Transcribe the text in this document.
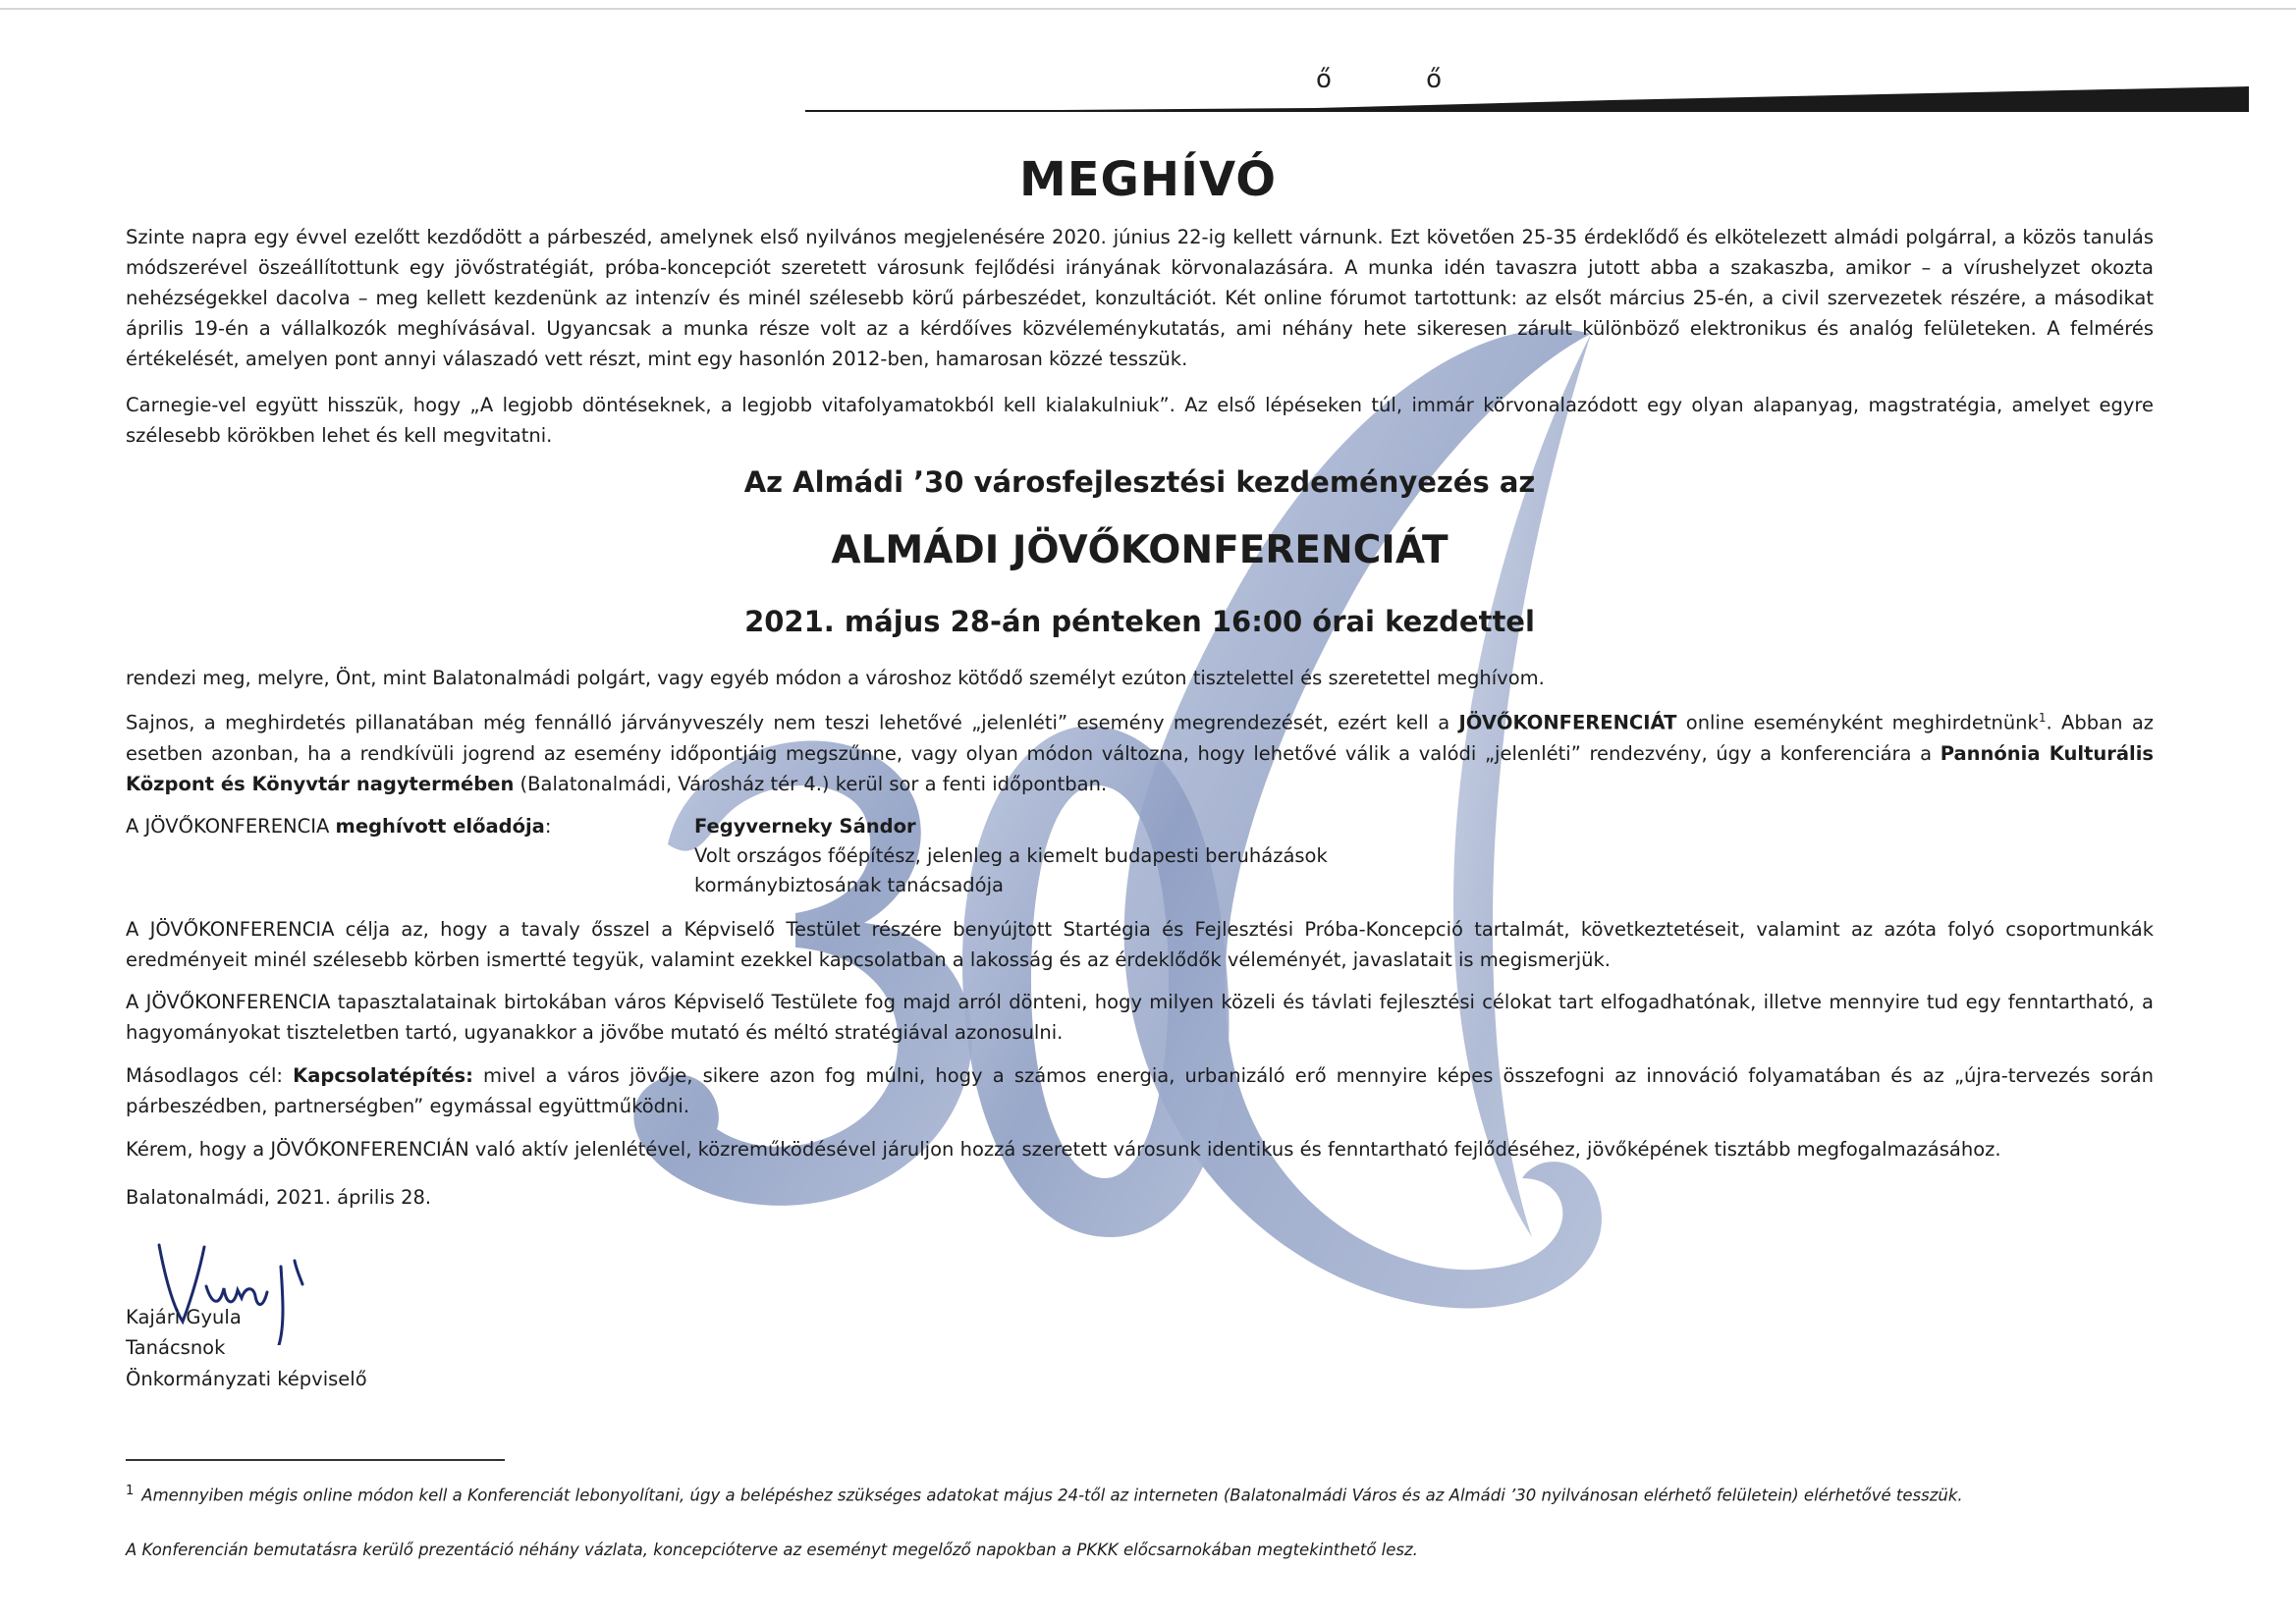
ő ő
MEGHÍVÓ
Szinte napra egy évvel ezelőtt kezdődött a párbeszéd, amelynek első nyilvános megjelenésére 2020. június 22-ig kellett várnunk. Ezt követően 25-35 érdeklődő és elkötelezett almádi polgárral, a közös tanulás módszerével öszeállítottunk egy jövőstratégiát, próba-koncepciót szeretett városunk fejlődési irányának körvonalazására. A munka idén tavaszra jutott abba a szakaszba, amikor – a vírushelyzet okozta nehézségekkel dacolva – meg kellett kezdenünk az intenzív és minél szélesebb körű párbeszédet, konzultációt. Két online fórumot tartottunk: az elsőt március 25-én, a civil szervezetek részére, a másodikat április 19-én a vállalkozók meghívásával. Ugyancsak a munka része volt az a kérdőíves közvéleménykutatás, ami néhány hete sikeresen zárult különböző elektronikus és analóg felületeken. A felmérés értékelését, amelyen pont annyi válaszadó vett részt, mint egy hasonlón 2012-ben, hamarosan közzé tesszük.
Carnegie-vel együtt hisszük, hogy „A legjobb döntéseknek, a legjobb vitafolyamatokból kell kialakulniuk”. Az első lépéseken túl, immár körvonalazódott egy olyan alapanyag, magstratégia, amelyet egyre szélesebb körökben lehet és kell megvitatni.
Az Almádi ’30 városfejlesztési kezdeményezés az
ALMÁDI JÖVŐKONFERENCIÁT
2021. május 28-án pénteken 16:00 órai kezdettel
rendezi meg, melyre, Önt, mint Balatonalmádi polgárt, vagy egyéb módon a városhoz kötődő személyt ezúton tisztelettel és szeretettel meghívom.
Sajnos, a meghirdetés pillanatában még fennálló járványveszély nem teszi lehetővé „jelenléti” esemény megrendezését, ezért kell a JÖVŐKONFERENCIÁT online eseményként meghirdetnünk$^1$. Abban az esetben azonban, ha a rendkívüli jogrend az esemény időpontjáig megszűnne, vagy olyan módon változna, hogy lehetővé válik a valódi „jelenléti” rendezvény, úgy a konferenciára a Pannónia Kulturális Központ és Könyvtár nagytermében (Balatonalmádi, Városház tér 4.) kerül sor a fenti időpontban.
A JÖVŐKONFERENCIA meghívott előadója:	Fegyverneky Sándor
Volt országos főépítész, jelenleg a kiemelt budapesti beruházások
kormánybiztosának tanácsadója
A JÖVŐKONFERENCIA célja az, hogy a tavaly ősszel a Képviselő Testület részére benyújtott Startégia és Fejlesztési Próba-Koncepció tartalmát, következtetéseit, valamint az azóta folyó csoportmunkák eredményeit minél szélesebb körben ismertté tegyük, valamint ezekkel kapcsolatban a lakosság és az érdeklődők véleményét, javaslatait is megismerjük.
A JÖVŐKONFERENCIA tapasztalatainak birtokában város Képviselő Testülete fog majd arról dönteni, hogy milyen közeli és távlati fejlesztési célokat tart elfogadhatónak, illetve mennyire tud egy fenntartható, a hagyományokat tiszteletben tartó, ugyanakkor a jövőbe mutató és méltó stratégiával azonosulni.
Másodlagos cél: Kapcsolatépítés: mivel a város jövője, sikere azon fog múlni, hogy a számos energia, urbanizáló erő mennyire képes összefogni az innováció folyamatában és az „újra-tervezés során párbeszédben, partnerségben” egymással együttműködni.
Kérem, hogy a JÖVŐKONFERENCIÁN való aktív jelenlétével, közreműködésével járuljon hozzá szeretett városunk identikus és fenntartható fejlődéséhez, jövőképének tisztább megfogalmazásához.
Balatonalmádi, 2021. április 28.
Kajári Gyula
Tanácsnok
Önkormányzati képviselő
$^1$ Amennyiben mégis online módon kell a Konferenciát lebonyolítani, úgy a belépéshez szükséges adatokat május 24-től az interneten (Balatonalmádi Város és az Almádi ’30 nyilvánosan elérhető felületein) elérhetővé tesszük.
A Konferencián bemutatásra kerülő prezentáció néhány vázlata, koncepcióterve az eseményt megelőző napokban a PKKK előcsarnokában megtekinthető lesz.
